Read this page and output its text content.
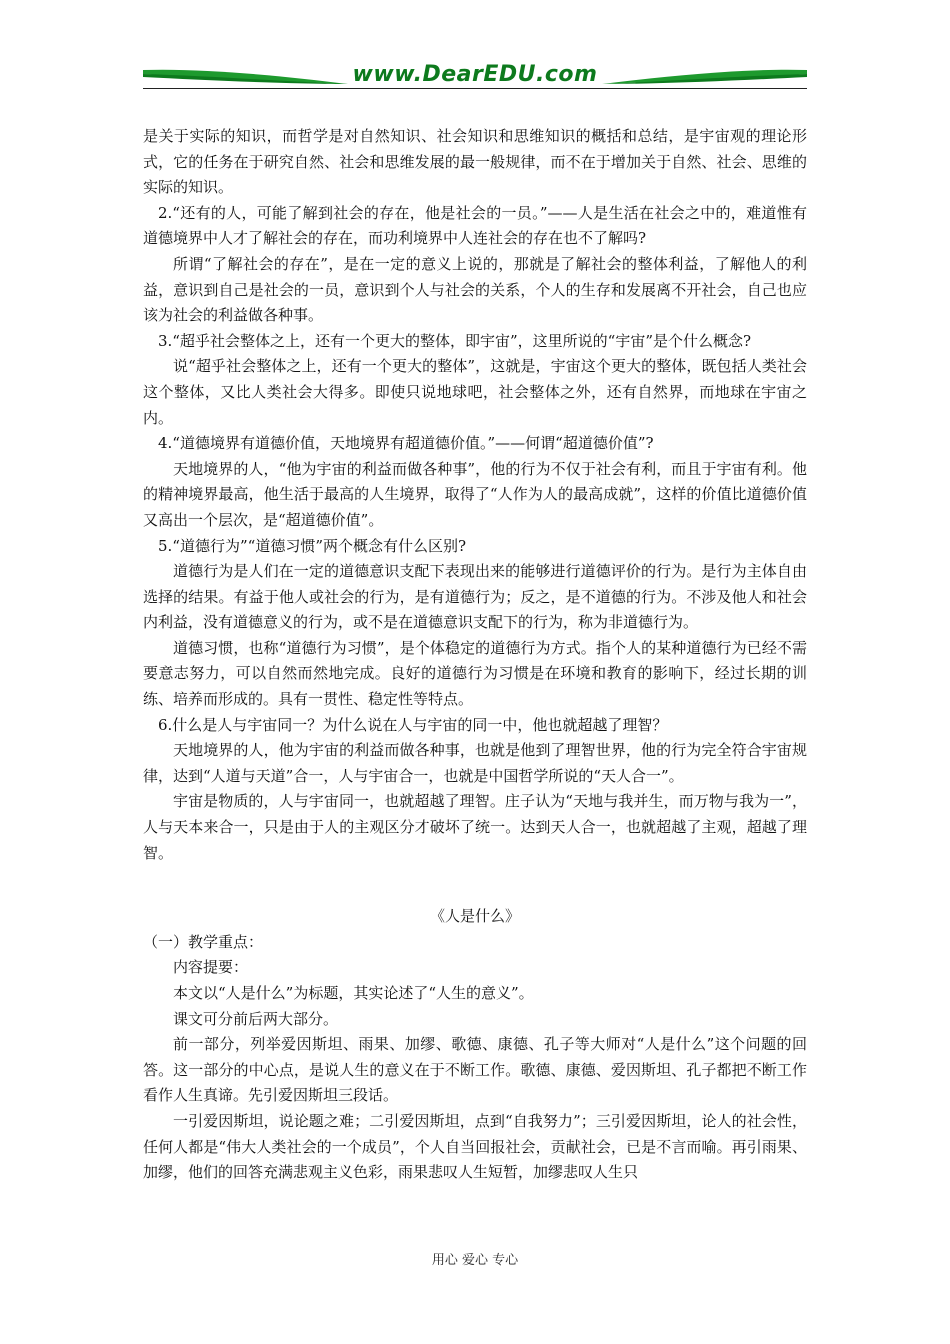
www.DearEDU.com

是关于实际的知识，而哲学是对自然知识、社会知识和思维知识的概括和总结，是宇宙观的理论形式，它的任务在于研究自然、社会和思维发展的最一般规律，而不在于增加关于自然、社会、思维的实际的知识。

2.“还有的人，可能了解到社会的存在，他是社会的一员。”——人是生活在社会之中的，难道惟有道德境界中人才了解社会的存在，而功利境界中人连社会的存在也不了解吗?

所谓“了解社会的存在”，是在一定的意义上说的，那就是了解社会的整体利益，了解他人的利益，意识到自己是社会的一员，意识到个人与社会的关系，个人的生存和发展离不开社会，自己也应该为社会的利益做各种事。

3.“超乎社会整体之上，还有一个更大的整体，即宇宙”，这里所说的“宇宙”是个什么概念?

说“超乎社会整体之上，还有一个更大的整体”，这就是，宇宙这个更大的整体，既包括人类社会这个整体，又比人类社会大得多。即使只说地球吧，社会整体之外，还有自然界，而地球在宇宙之内。

4.“道德境界有道德价值，天地境界有超道德价值。”——何谓“超道德价值”?

天地境界的人，“他为宇宙的利益而做各种事”，他的行为不仅于社会有利，而且于宇宙有利。他的精神境界最高，他生活于最高的人生境界，取得了“人作为人的最高成就”，这样的价值比道德价值又高出一个层次，是“超道德价值”。

5.“道德行为”“道德习惯”两个概念有什么区别?

道德行为是人们在一定的道德意识支配下表现出来的能够进行道德评价的行为。是行为主体自由选择的结果。有益于他人或社会的行为，是有道德行为；反之，是不道德的行为。不涉及他人和社会内利益，没有道德意义的行为，或不是在道德意识支配下的行为，称为非道德行为。

道德习惯，也称“道德行为习惯”，是个体稳定的道德行为方式。指个人的某种道德行为已经不需要意志努力，可以自然而然地完成。良好的道德行为习惯是在环境和教育的影响下，经过长期的训练、培养而形成的。具有一贯性、稳定性等特点。

6.什么是人与宇宙同一？为什么说在人与宇宙的同一中，他也就超越了理智？

天地境界的人，他为宇宙的利益而做各种事，也就是他到了理智世界，他的行为完全符合宇宙规律，达到“人道与天道”合一，人与宇宙合一，也就是中国哲学所说的“天人合一”。

宇宙是物质的，人与宇宙同一，也就超越了理智。庄子认为“天地与我并生，而万物与我为一”，人与天本来合一，只是由于人的主观区分才破坏了统一。达到天人合一，也就超越了主观，超越了理智。

《人是什么》

（一）教学重点：

内容提要：

本文以“人是什么”为标题，其实论述了“人生的意义”。

课文可分前后两大部分。

前一部分，列举爱因斯坦、雨果、加缪、歌德、康德、孔子等大师对“人是什么”这个问题的回答。这一部分的中心点，是说人生的意义在于不断工作。歌德、康德、爱因斯坦、孔子都把不断工作看作人生真谛。先引爱因斯坦三段话。

一引爱因斯坦，说论题之难；二引爱因斯坦，点到“自我努力”；三引爱因斯坦，论人的社会性，任何人都是“伟大人类社会的一个成员”，个人自当回报社会，贡献社会，已是不言而喻。再引雨果、加缪，他们的回答充满悲观主义色彩，雨果悲叹人生短暂，加缪悲叹人生只

用心 爱心 专心
